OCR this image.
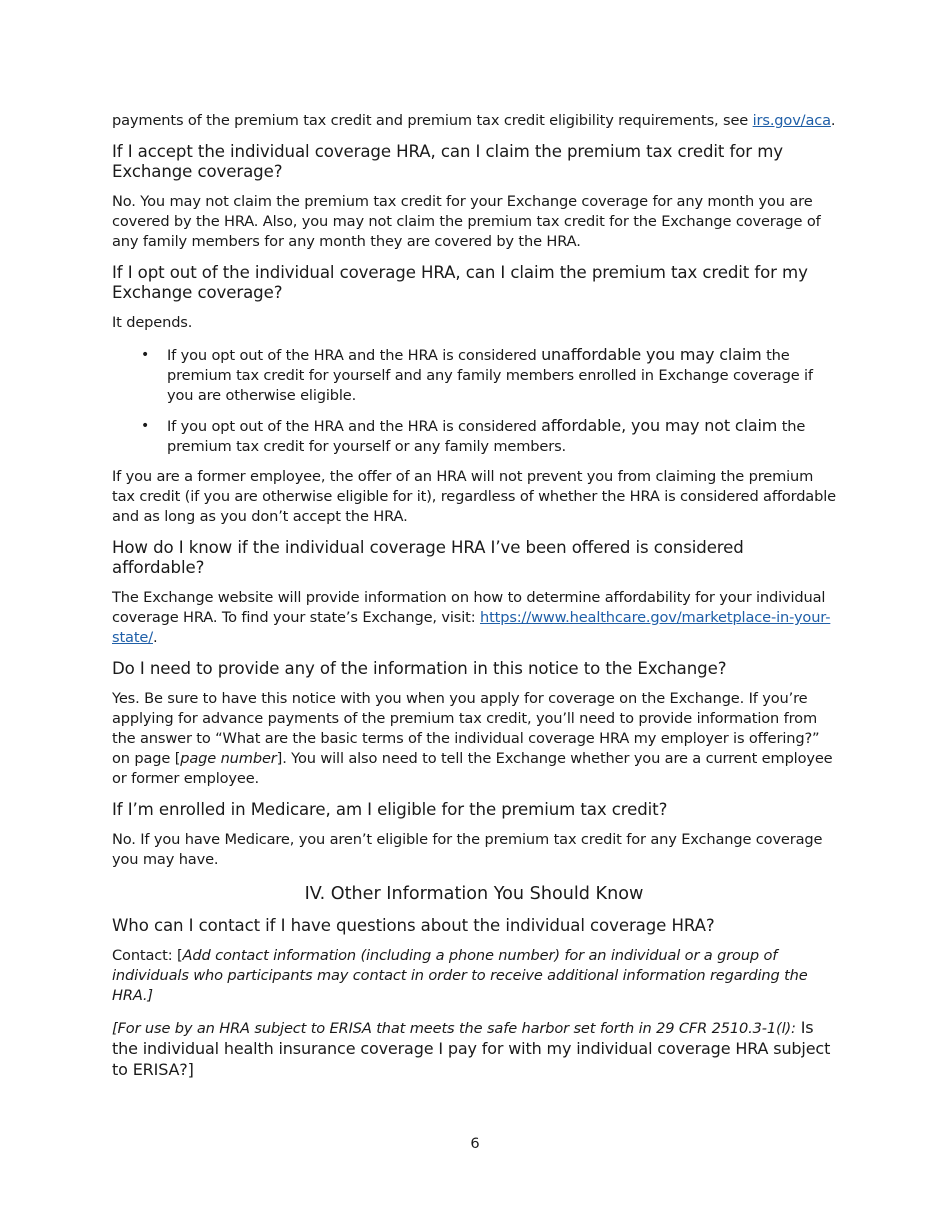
payments of the premium tax credit and premium tax credit eligibility requirements, see irs.gov/aca.

If I accept the individual coverage HRA, can I claim the premium tax credit for my Exchange coverage?

No. You may not claim the premium tax credit for your Exchange coverage for any month you are covered by the HRA. Also, you may not claim the premium tax credit for the Exchange coverage of any family members for any month they are covered by the HRA.

If I opt out of the individual coverage HRA, can I claim the premium tax credit for my Exchange coverage?

It depends.

• If you opt out of the HRA and the HRA is considered unaffordable you may claim the premium tax credit for yourself and any family members enrolled in Exchange coverage if you are otherwise eligible.
• If you opt out of the HRA and the HRA is considered affordable, you may not claim the premium tax credit for yourself or any family members.

If you are a former employee, the offer of an HRA will not prevent you from claiming the premium tax credit (if you are otherwise eligible for it), regardless of whether the HRA is considered affordable and as long as you don’t accept the HRA.

How do I know if the individual coverage HRA I’ve been offered is considered affordable?

The Exchange website will provide information on how to determine affordability for your individual coverage HRA. To find your state’s Exchange, visit: https://www.healthcare.gov/marketplace-in-your-state/.

Do I need to provide any of the information in this notice to the Exchange?

Yes. Be sure to have this notice with you when you apply for coverage on the Exchange. If you’re applying for advance payments of the premium tax credit, you’ll need to provide information from the answer to “What are the basic terms of the individual coverage HRA my employer is offering?” on page [page number]. You will also need to tell the Exchange whether you are a current employee or former employee.

If I’m enrolled in Medicare, am I eligible for the premium tax credit?

No. If you have Medicare, you aren’t eligible for the premium tax credit for any Exchange coverage you may have.

IV. Other Information You Should Know

Who can I contact if I have questions about the individual coverage HRA?

Contact: [Add contact information (including a phone number) for an individual or a group of individuals who participants may contact in order to receive additional information regarding the HRA.]

[For use by an HRA subject to ERISA that meets the safe harbor set forth in 29 CFR 2510.3-1(l): Is the individual health insurance coverage I pay for with my individual coverage HRA subject to ERISA?]

6
